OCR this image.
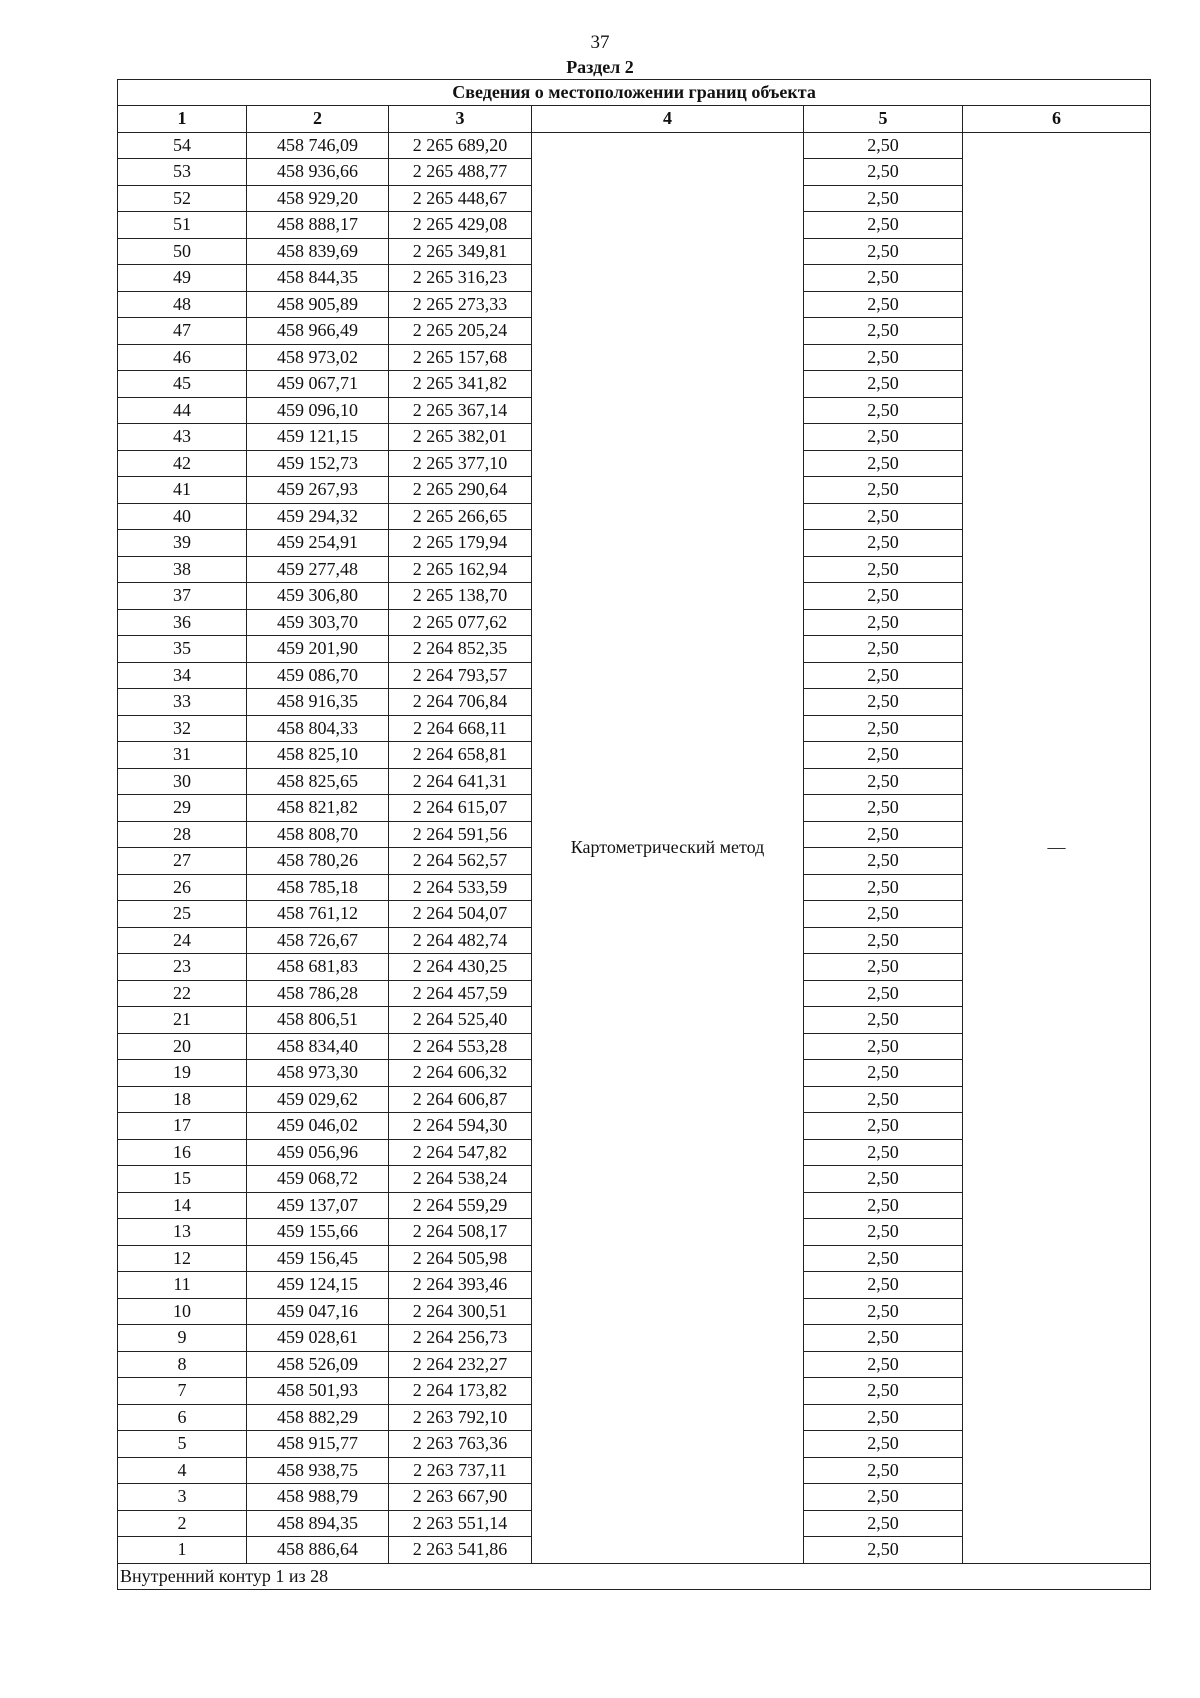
37
Раздел 2
Сведения о местоположении границ объекта					
1	2	3	4	5	6
54	458 746,09	2 265 689,20	Картометрический метод	2,50	—
53	458 936,66	2 265 488,77		2,50	
52	458 929,20	2 265 448,67		2,50	
51	458 888,17	2 265 429,08		2,50	
50	458 839,69	2 265 349,81		2,50	
49	458 844,35	2 265 316,23		2,50	
48	458 905,89	2 265 273,33		2,50	
47	458 966,49	2 265 205,24		2,50	
46	458 973,02	2 265 157,68		2,50	
45	459 067,71	2 265 341,82		2,50	
44	459 096,10	2 265 367,14		2,50	
43	459 121,15	2 265 382,01		2,50	
42	459 152,73	2 265 377,10		2,50	
41	459 267,93	2 265 290,64		2,50	
40	459 294,32	2 265 266,65		2,50	
39	459 254,91	2 265 179,94		2,50	
38	459 277,48	2 265 162,94		2,50	
37	459 306,80	2 265 138,70		2,50	
36	459 303,70	2 265 077,62		2,50	
35	459 201,90	2 264 852,35		2,50	
34	459 086,70	2 264 793,57		2,50	
33	458 916,35	2 264 706,84		2,50	
32	458 804,33	2 264 668,11		2,50	
31	458 825,10	2 264 658,81		2,50	
30	458 825,65	2 264 641,31		2,50	
29	458 821,82	2 264 615,07		2,50	
28	458 808,70	2 264 591,56		2,50	
27	458 780,26	2 264 562,57		2,50	
26	458 785,18	2 264 533,59		2,50	
25	458 761,12	2 264 504,07		2,50	
24	458 726,67	2 264 482,74		2,50	
23	458 681,83	2 264 430,25		2,50	
22	458 786,28	2 264 457,59		2,50	
21	458 806,51	2 264 525,40		2,50	
20	458 834,40	2 264 553,28		2,50	
19	458 973,30	2 264 606,32		2,50	
18	459 029,62	2 264 606,87		2,50	
17	459 046,02	2 264 594,30		2,50	
16	459 056,96	2 264 547,82		2,50	
15	459 068,72	2 264 538,24		2,50	
14	459 137,07	2 264 559,29		2,50	
13	459 155,66	2 264 508,17		2,50	
12	459 156,45	2 264 505,98		2,50	
11	459 124,15	2 264 393,46		2,50	
10	459 047,16	2 264 300,51		2,50	
9	459 028,61	2 264 256,73		2,50	
8	458 526,09	2 264 232,27		2,50	
7	458 501,93	2 264 173,82		2,50	
6	458 882,29	2 263 792,10		2,50	
5	458 915,77	2 263 763,36		2,50	
4	458 938,75	2 263 737,11		2,50	
3	458 988,79	2 263 667,90		2,50	
2	458 894,35	2 263 551,14		2,50	
1	458 886,64	2 263 541,86		2,50	
Внутренний контур 1 из 28					
